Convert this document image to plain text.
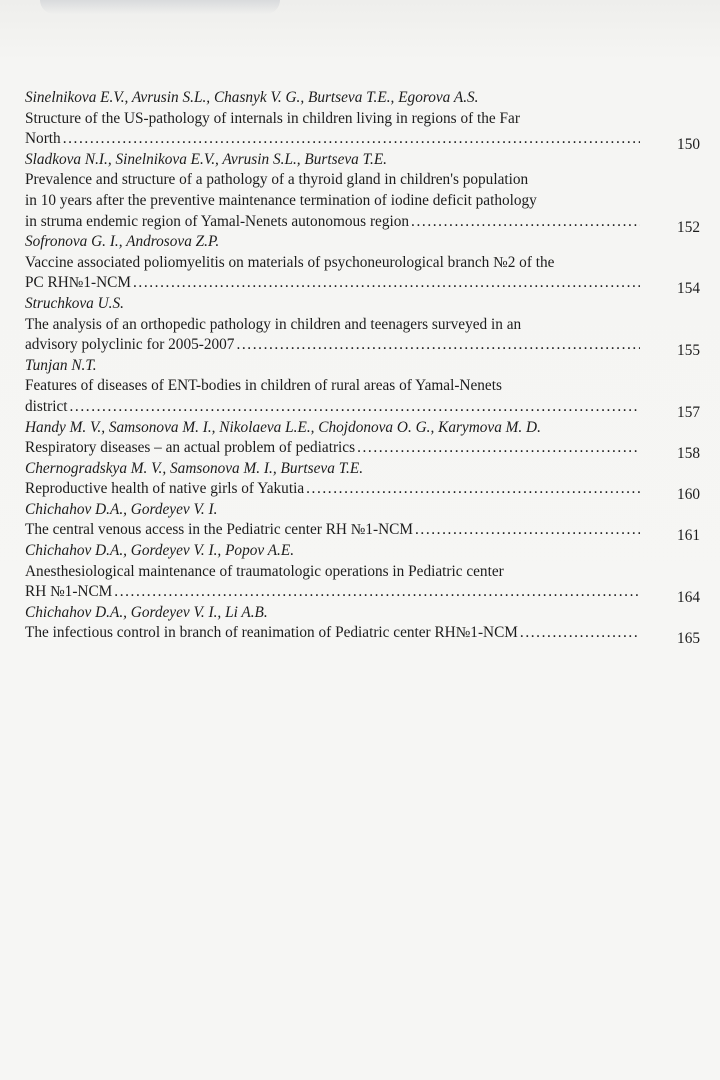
Sinelnikova E.V., Avrusin S.L., Chasnyk V. G., Burtseva T.E., Egorova A.S.
Structure of the US-pathology of internals in children living in regions of the Far
North .....	150
Sladkova N.I., Sinelnikova E.V., Avrusin S.L., Burtseva T.E.
Prevalence and structure of a pathology of a thyroid gland in children's population
in 10 years after the preventive maintenance termination of iodine deficit pathology
in struma endemic region of Yamal-Nenets autonomous region .....	152
Sofronova G. I., Androsova Z.P.
Vaccine associated poliomyelitis on materials of psychoneurological branch №2 of the
PC RH№1-NCM .....	154
Struchkova U.S.
The analysis of an orthopedic pathology in children and teenagers surveyed in an
advisory polyclinic for 2005-2007 .....	155
Tunjan N.T.
Features of diseases of ENT-bodies in children of rural areas of Yamal-Nenets
district .....	157
Handy M. V., Samsonova M. I., Nikolaeva L.E., Chojdonova O. G., Karymova M. D.
Respiratory diseases – an actual problem of pediatrics .....	158
Chernogradskya M. V., Samsonova M. I., Burtseva T.E.
Reproductive health of native girls of Yakutia .....	160
Chichahov D.A., Gordeyev V. I.
The central venous access in the Pediatric center RH №1-NCM .....	161
Chichahov D.A., Gordeyev V. I., Popov A.E.
Anesthesiological maintenance of traumatologic operations in Pediatric center
RH №1-NCM .....	164
Chichahov D.A., Gordeyev V. I., Li A.B.
The infectious control in branch of reanimation of Pediatric center RH№1-NCM .....	165
